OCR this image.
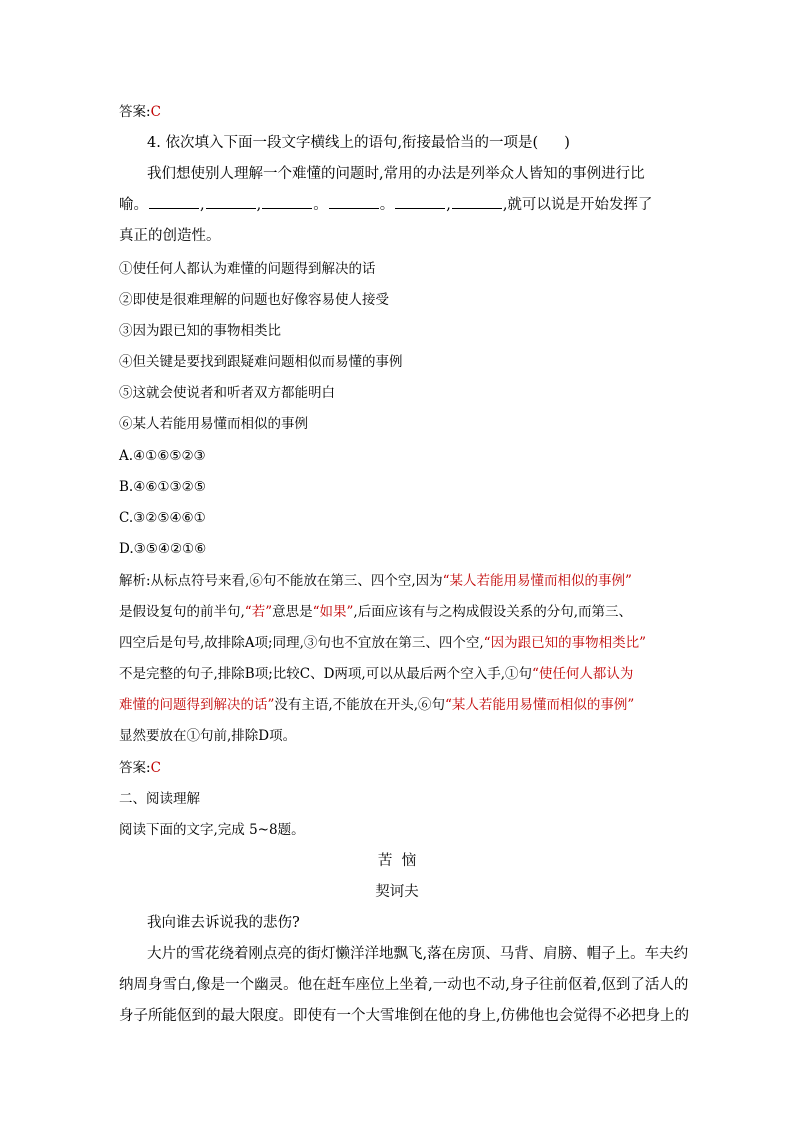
答案:C
4. 依次填入下面一段文字横线上的语句,衔接最恰当的一项是( )
我们想使别人理解一个难懂的问题时,常用的办法是列举众人皆知的事例进行比
喻。	,	,	。	。	,	,就可以说是开始发挥了
真正的创造性。
①使任何人都认为难懂的问题得到解决的话
②即使是很难理解的问题也好像容易使人接受
③因为跟已知的事物相类比
④但关键是要找到跟疑难问题相似而易懂的事例
⑤这就会使说者和听者双方都能明白
⑥某人若能用易懂而相似的事例
A.④①⑥⑤②③
B.④⑥①③②⑤
C.③②⑤④⑥①
D.③⑤④②①⑥
解析:从标点符号来看,⑥句不能放在第三、四个空,因为“某人若能用易懂而相似的事例”
是假设复句的前半句,“若”意思是“如果”,后面应该有与之构成假设关系的分句,而第三、
四空后是句号,故排除A项;同理,③句也不宜放在第三、四个空,“因为跟已知的事物相类比”
不是完整的句子,排除B项;比较C、D两项,可以从最后两个空入手,①句“使任何人都认为
难懂的问题得到解决的话”没有主语,不能放在开头,⑥句“某人若能用易懂而相似的事例”
显然要放在①句前,排除D项。
答案:C
二、阅读理解
阅读下面的文字,完成 5~8题。
苦  恼
契诃夫
我向谁去诉说我的悲伤?
大片的雪花绕着刚点亮的街灯懒洋洋地飘飞,落在房顶、马背、肩膀、帽子上。车夫约
纳周身雪白,像是一个幽灵。他在赶车座位上坐着,一动也不动,身子往前伛着,伛到了活人的
身子所能伛到的最大限度。即使有一个大雪堆倒在他的身上,仿佛他也会觉得不必把身上的
